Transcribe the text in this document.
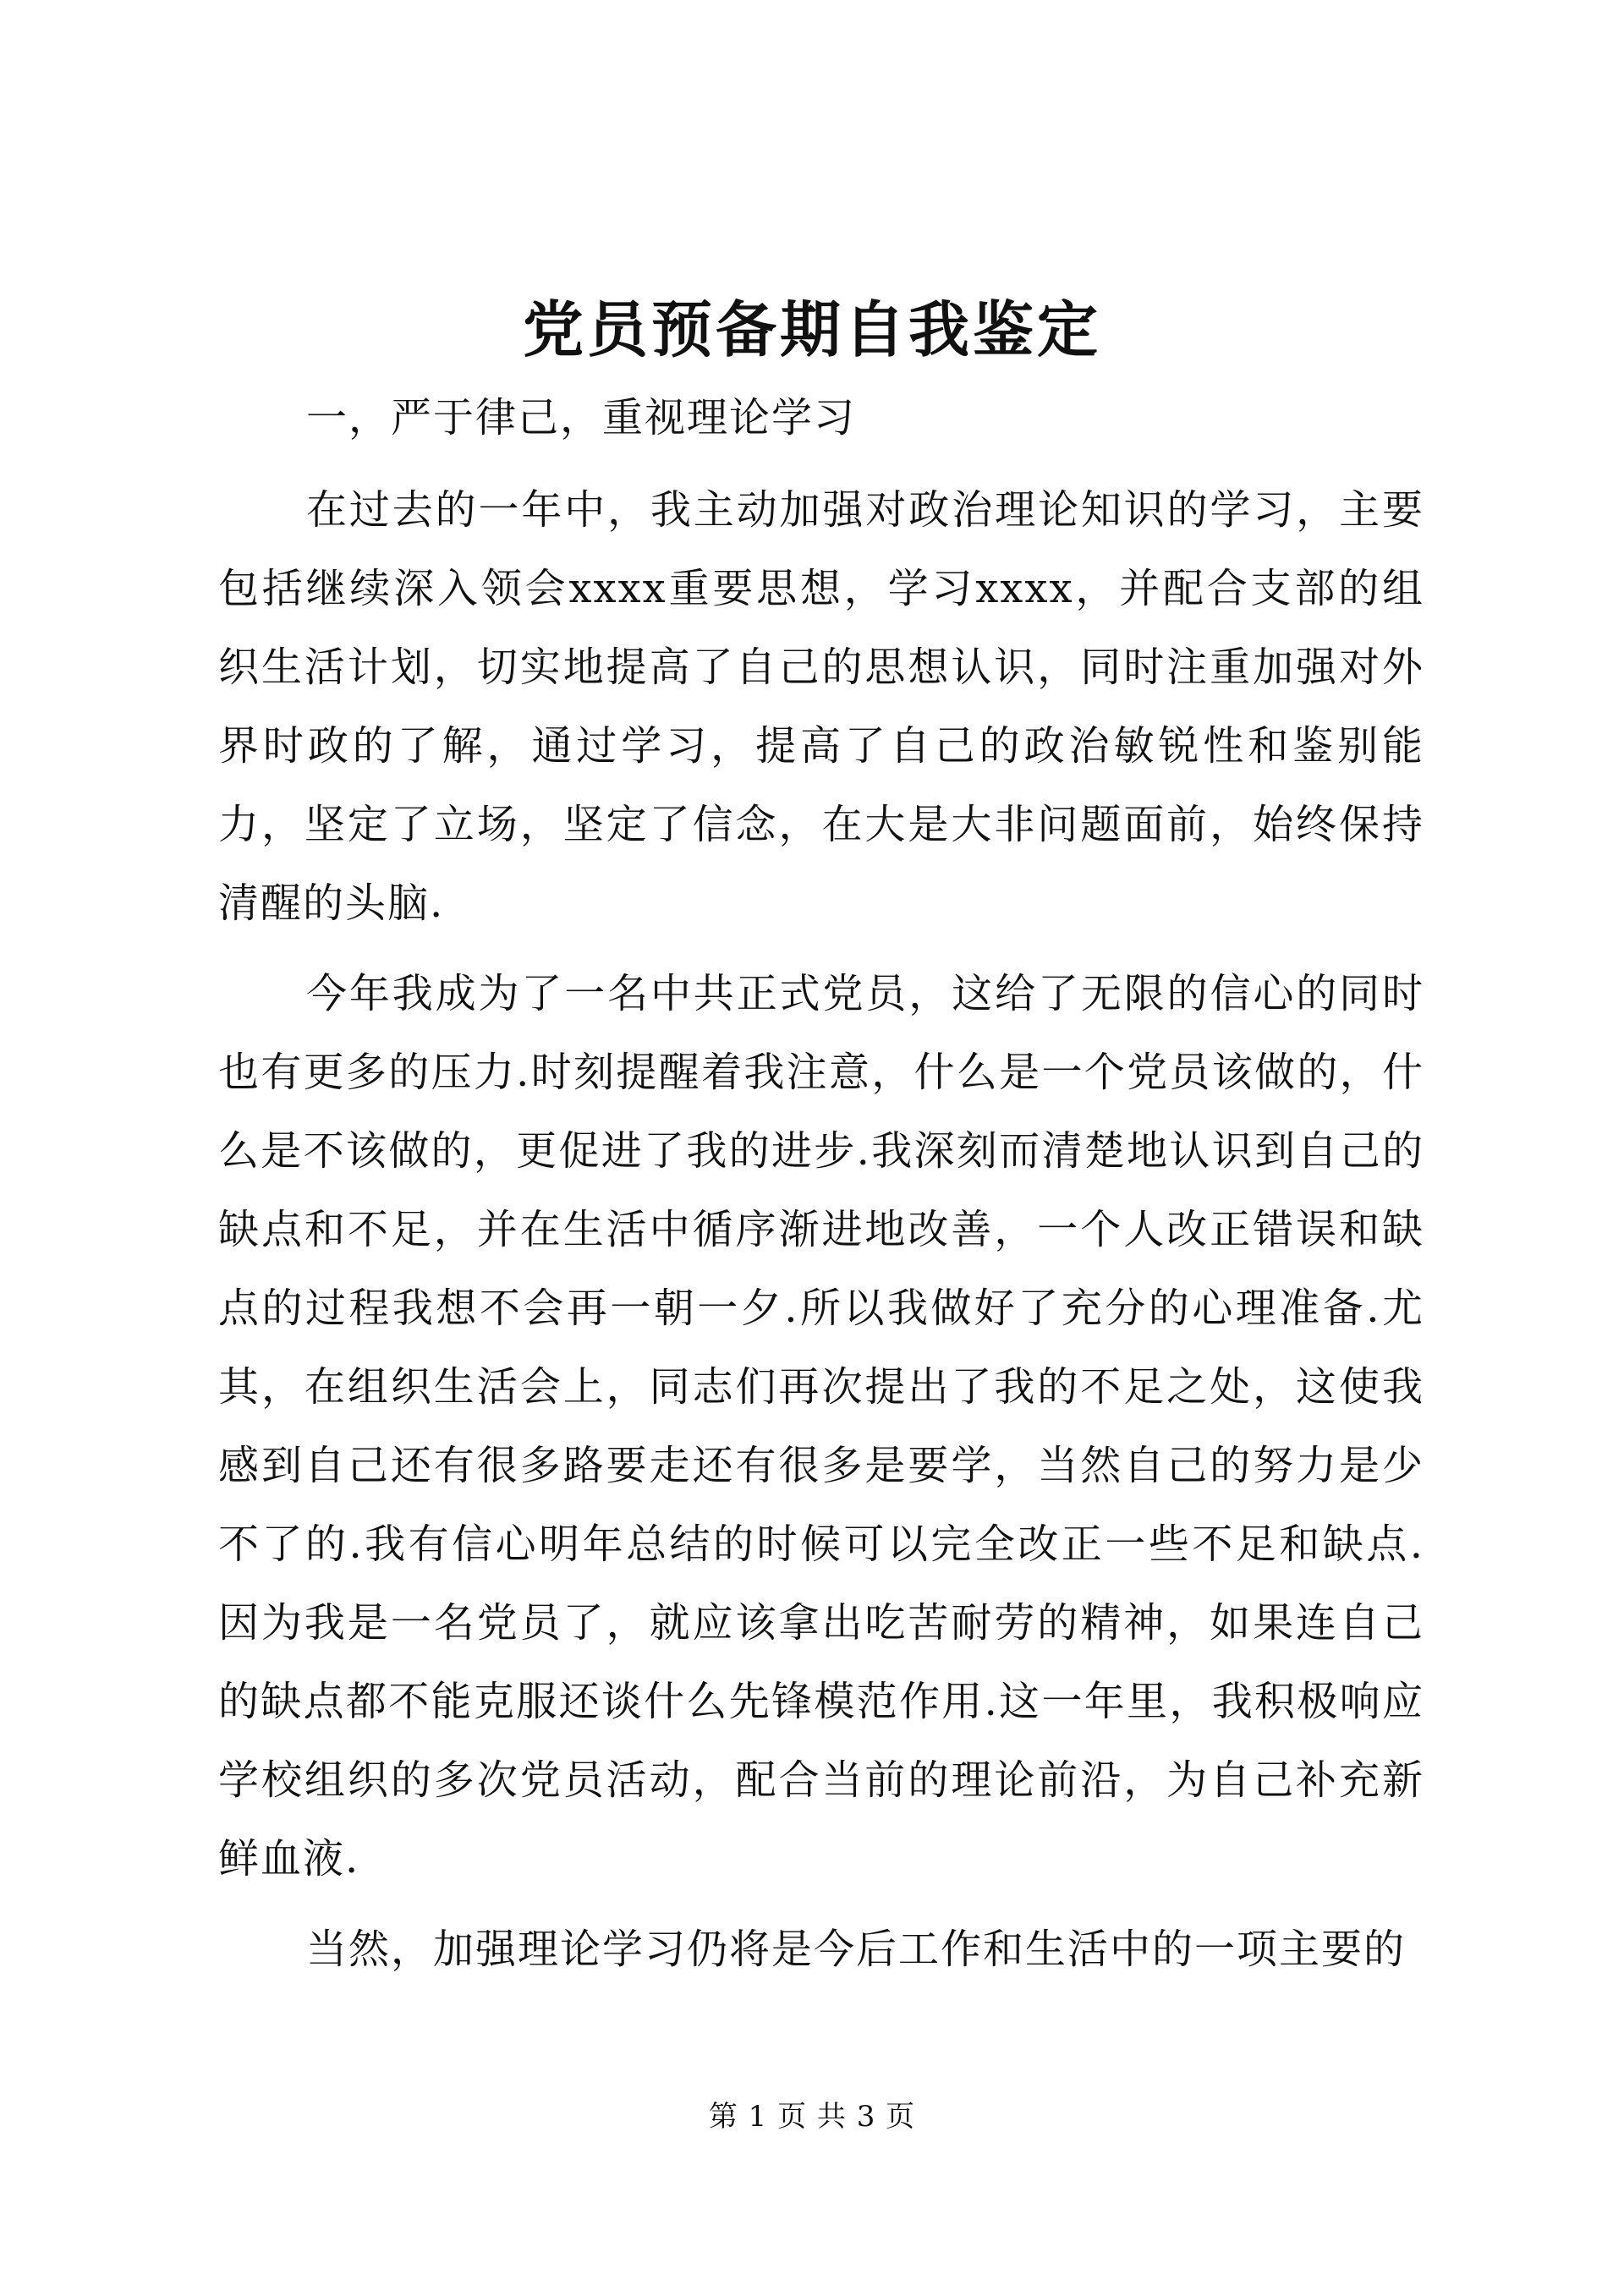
党员预备期自我鉴定

一，严于律己，重视理论学习

在过去的一年中，我主动加强对政治理论知识的学习，主要包括继续深入领会xxxx重要思想，学习xxxx，并配合支部的组织生活计划，切实地提高了自己的思想认识，同时注重加强对外界时政的了解，通过学习，提高了自己的政治敏锐性和鉴别能力，坚定了立场，坚定了信念，在大是大非问题面前，始终保持清醒的头脑.

今年我成为了一名中共正式党员，这给了无限的信心的同时也有更多的压力.时刻提醒着我注意，什么是一个党员该做的，什么是不该做的，更促进了我的进步.我深刻而清楚地认识到自己的缺点和不足，并在生活中循序渐进地改善，一个人改正错误和缺点的过程我想不会再一朝一夕.所以我做好了充分的心理准备.尤其，在组织生活会上，同志们再次提出了我的不足之处，这使我感到自己还有很多路要走还有很多是要学，当然自己的努力是少不了的.我有信心明年总结的时候可以完全改正一些不足和缺点.因为我是一名党员了，就应该拿出吃苦耐劳的精神，如果连自己的缺点都不能克服还谈什么先锋模范作用.这一年里，我积极响应学校组织的多次党员活动，配合当前的理论前沿，为自己补充新鲜血液.

当然，加强理论学习仍将是今后工作和生活中的一项主要的

第 1 页 共 3 页
